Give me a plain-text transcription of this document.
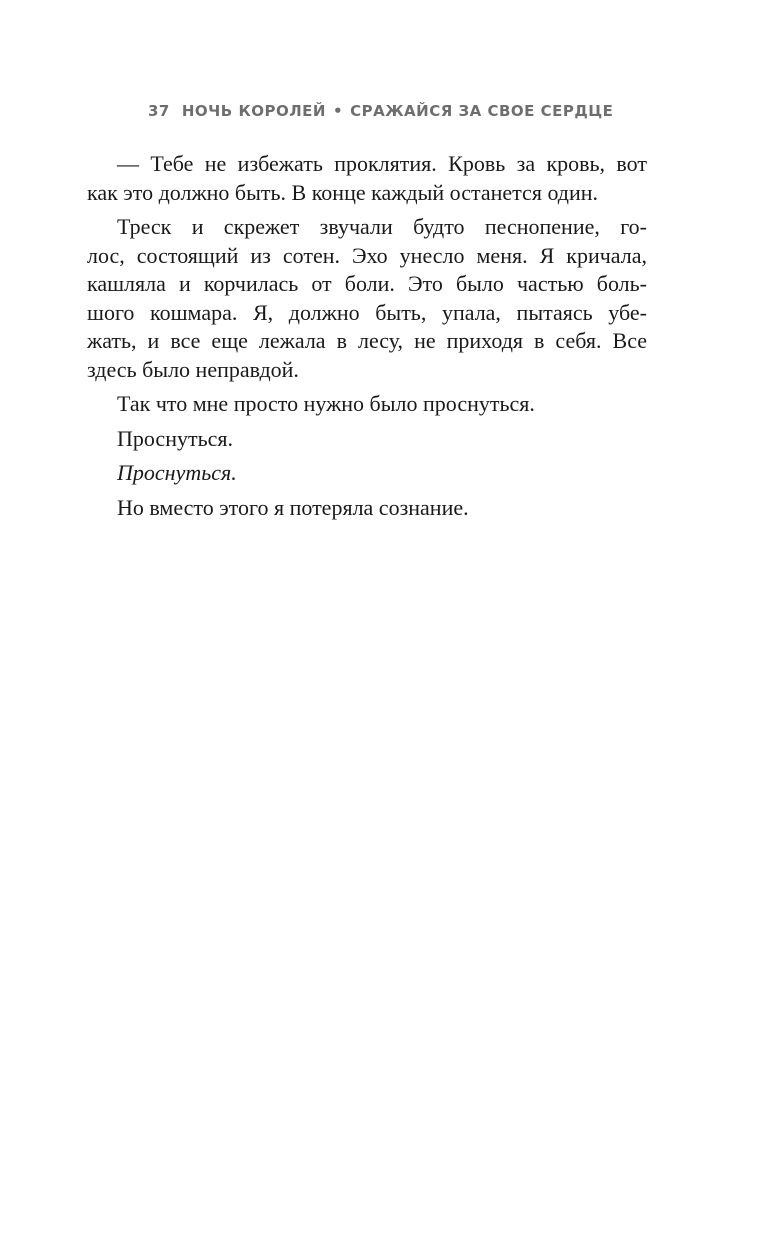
37 НОЧЬ КОРОЛЕЙ • СРАЖАЙСЯ ЗА СВОЕ СЕРДЦЕ

— Тебе не избежать проклятия. Кровь за кровь, вот
как это должно быть. В конце каждый останется один.

Треск и скрежет звучали будто песнопение, го-
лос, состоящий из сотен. Эхо унесло меня. Я кричала,
кашляла и корчилась от боли. Это было частью боль-
шого кошмара. Я, должно быть, упала, пытаясь убе-
жать, и все еще лежала в лесу, не приходя в себя. Все
здесь было неправдой.

Так что мне просто нужно было проснуться.

Проснуться.

Проснуться.

Но вместо этого я потеряла сознание.
